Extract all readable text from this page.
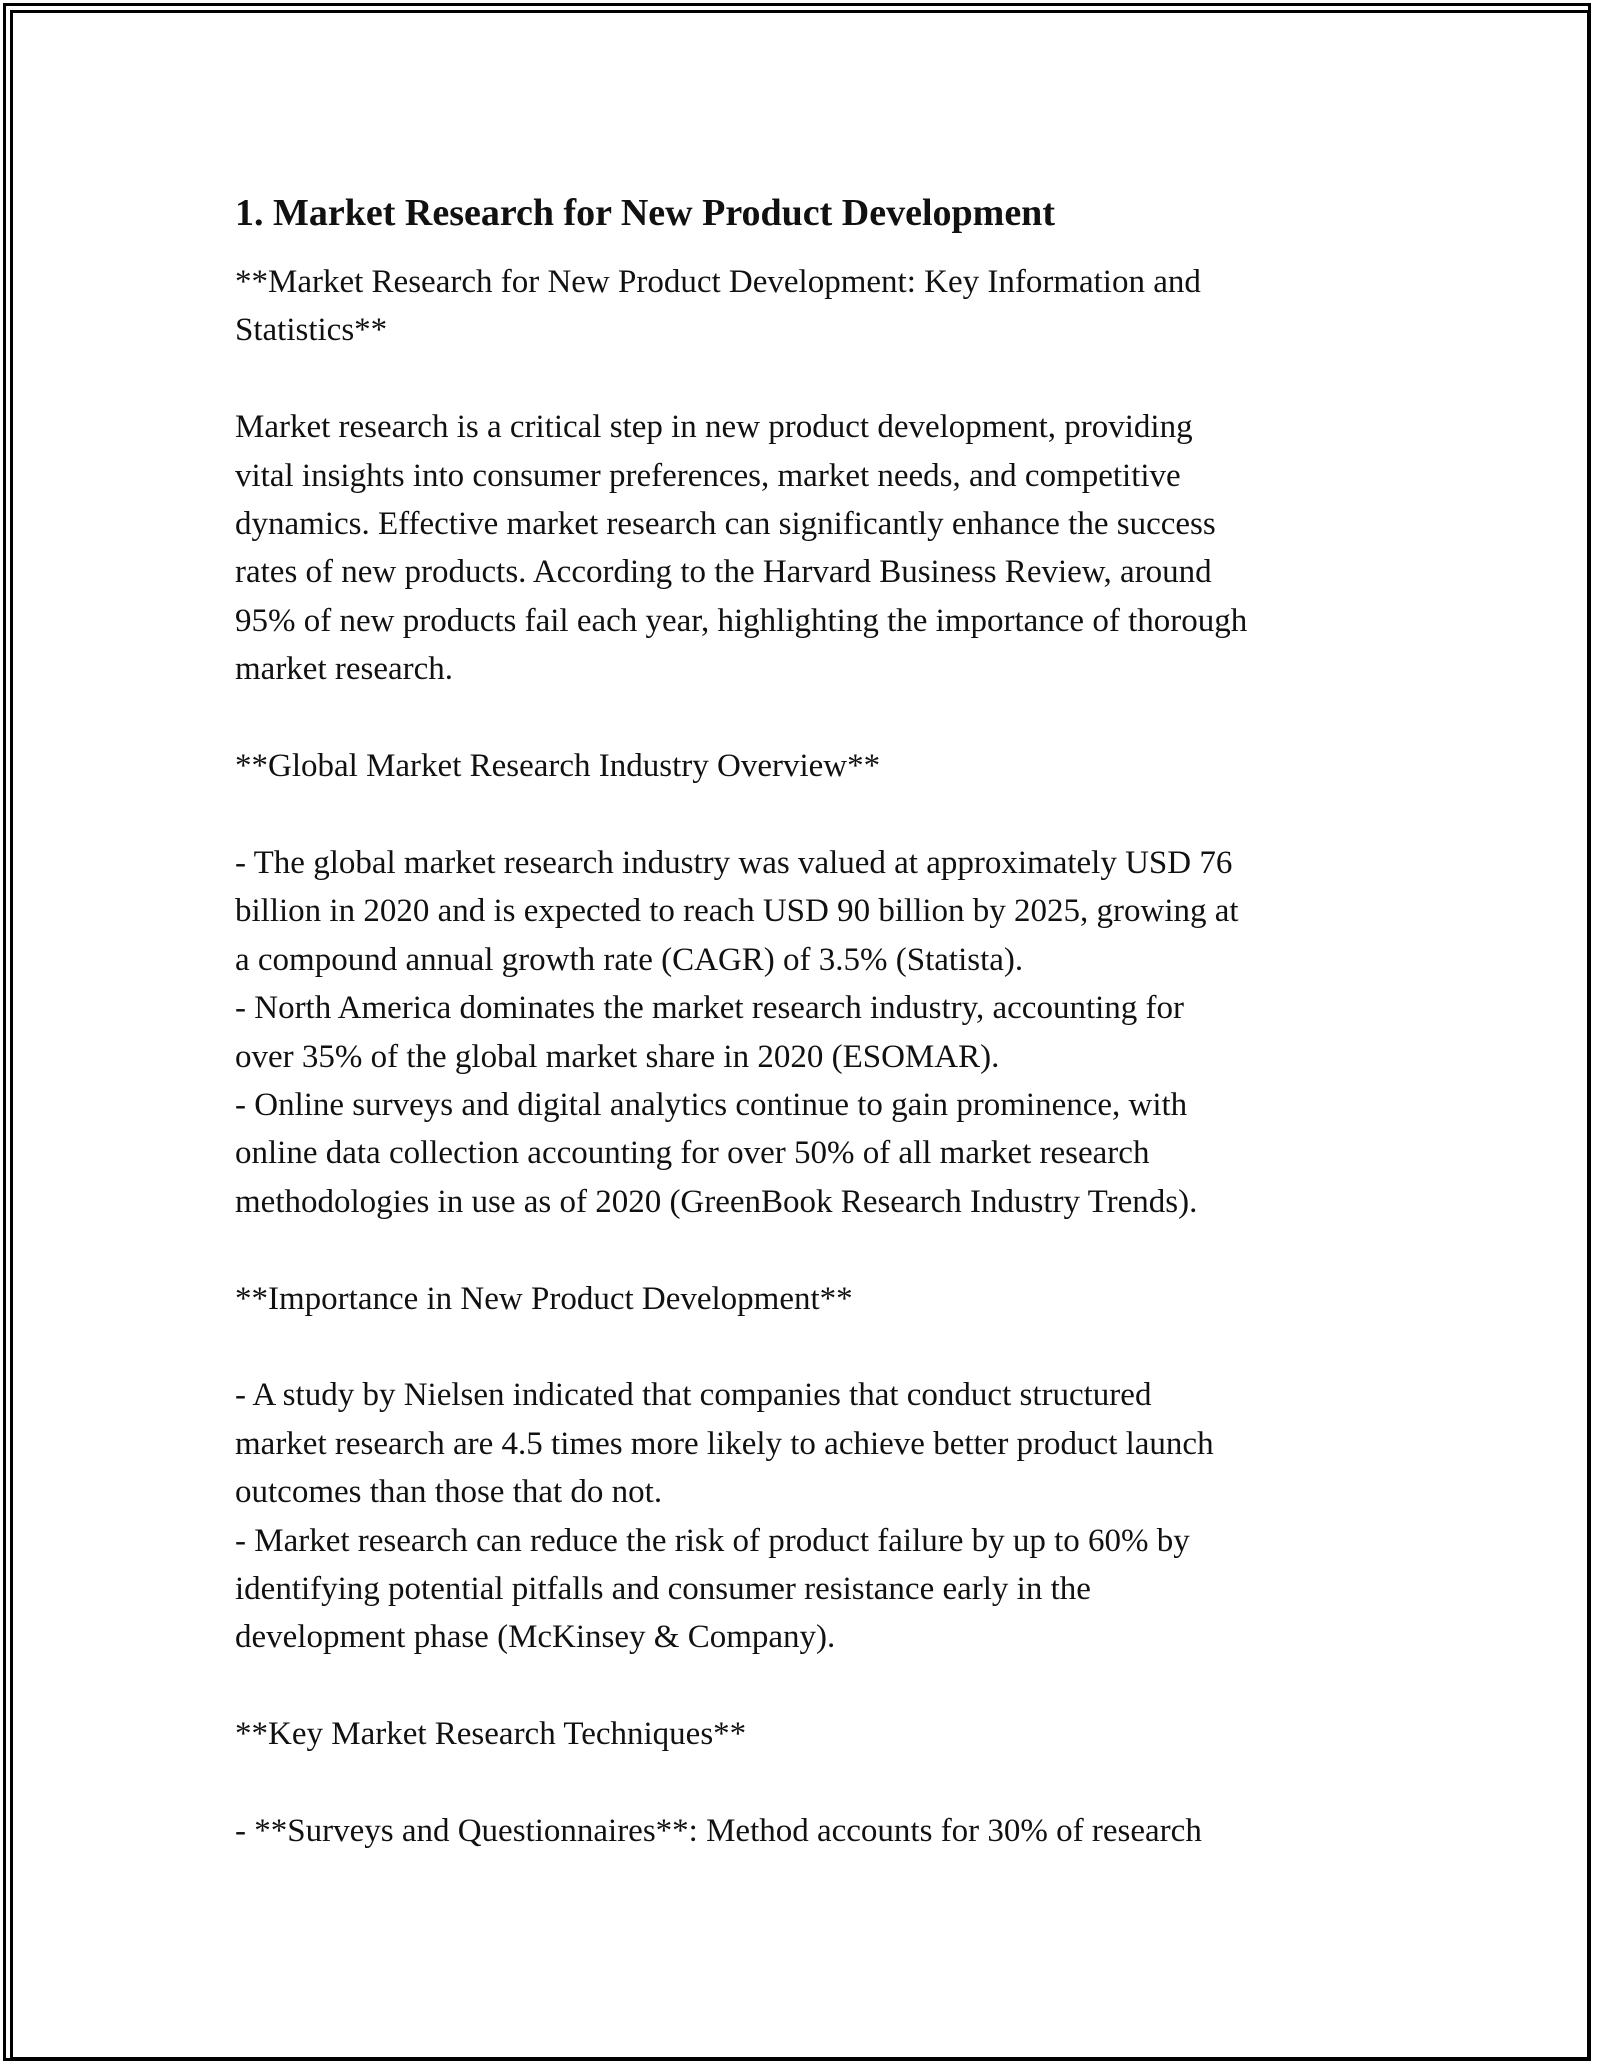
1. Market Research for New Product Development
**Market Research for New Product Development: Key Information and
Statistics**

Market research is a critical step in new product development, providing
vital insights into consumer preferences, market needs, and competitive
dynamics. Effective market research can significantly enhance the success
rates of new products. According to the Harvard Business Review, around
95% of new products fail each year, highlighting the importance of thorough
market research.

**Global Market Research Industry Overview**

- The global market research industry was valued at approximately USD 76
billion in 2020 and is expected to reach USD 90 billion by 2025, growing at
a compound annual growth rate (CAGR) of 3.5% (Statista).
- North America dominates the market research industry, accounting for
over 35% of the global market share in 2020 (ESOMAR).
- Online surveys and digital analytics continue to gain prominence, with
online data collection accounting for over 50% of all market research
methodologies in use as of 2020 (GreenBook Research Industry Trends).

**Importance in New Product Development**

- A study by Nielsen indicated that companies that conduct structured
market research are 4.5 times more likely to achieve better product launch
outcomes than those that do not.
- Market research can reduce the risk of product failure by up to 60% by
identifying potential pitfalls and consumer resistance early in the
development phase (McKinsey & Company).

**Key Market Research Techniques**

- **Surveys and Questionnaires**: Method accounts for 30% of research
